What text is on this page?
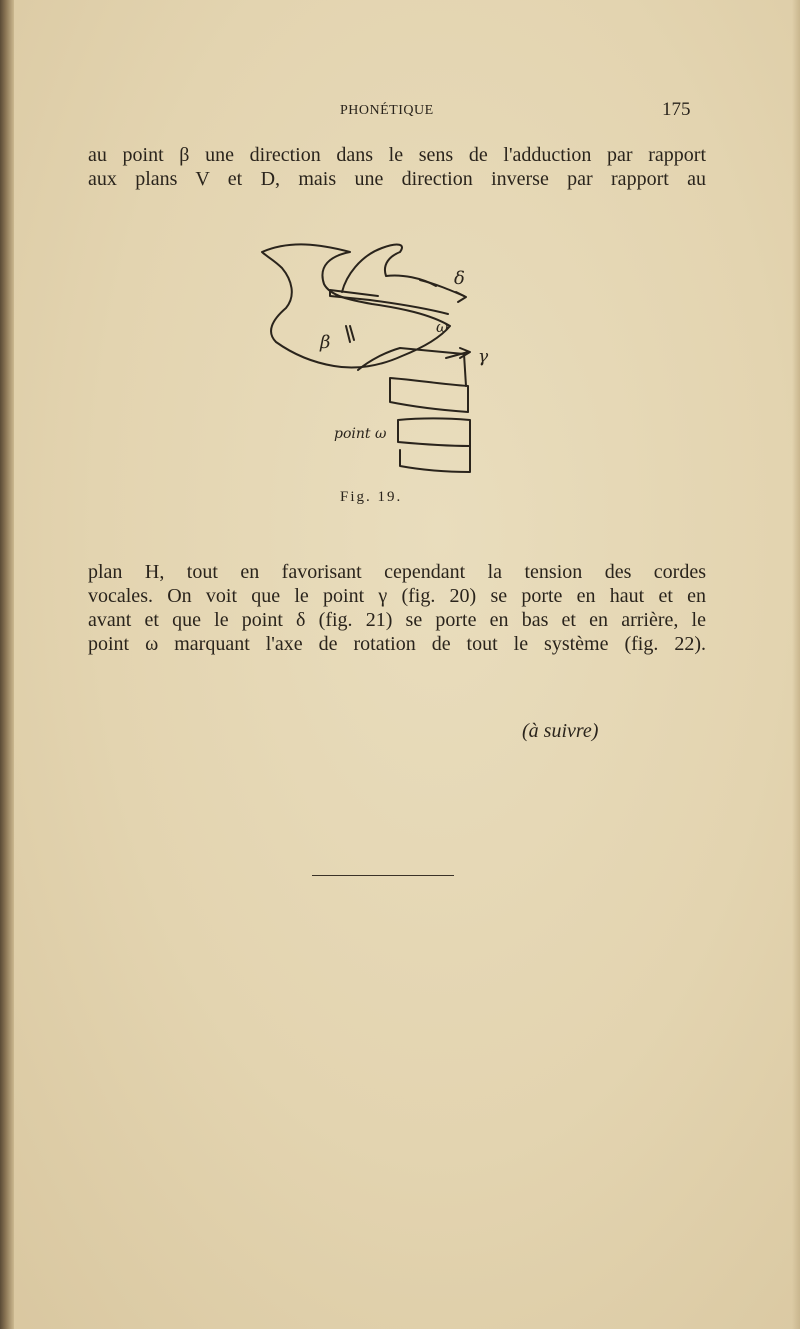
PHONÉTIQUE	175
au point β une direction dans le sens de l'adduction par rapport
aux plans V et D, mais une direction inverse par rapport au
δ
ω
β
γ
point ω
Fig. 19.
plan H, tout en favorisant cependant la tension des cordes
vocales. On voit que le point γ (fig. 20) se porte en haut et en
avant et que le point δ (fig. 21) se porte en bas et en arrière, le
point ω marquant l'axe de rotation de tout le système (fig. 22).
(à suivre)
